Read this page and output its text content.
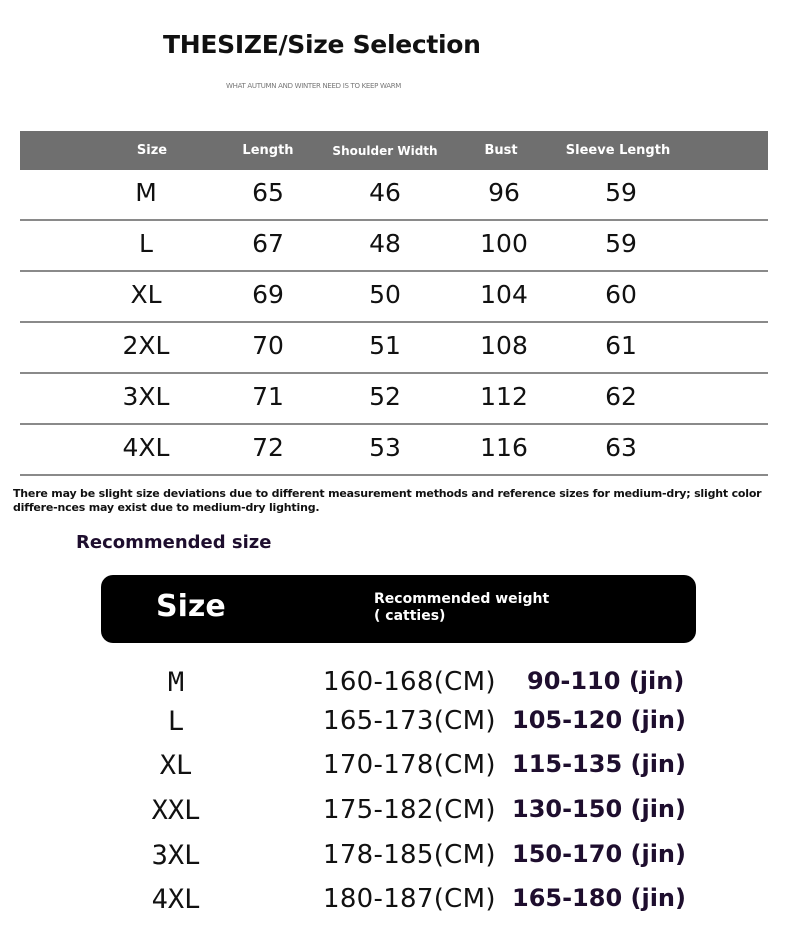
THESIZE/Size Selection
WHAT AUTUMN AND WINTER NEED IS TO KEEP WARM
Size	Length	Shoulder Width	Bust	Sleeve Length
M	65	46	96	59
L	67	48	100	59
XL	69	50	104	60
2XL	70	51	108	61
3XL	71	52	112	62
4XL	72	53	116	63
There may be slight size deviations due to different measurement methods and reference sizes for medium-dry; slight color differe-nces may exist due to medium-dry lighting.
Recommended size
Size	Recommended weight ( catties)
M	160-168(CM) 90-110 (jin)
L	165-173(CM) 105-120 (jin)
XL	170-178(CM) 115-135 (jin)
XXL	175-182(CM) 130-150 (jin)
3XL	178-185(CM) 150-170 (jin)
4XL	180-187(CM) 165-180 (jin)
